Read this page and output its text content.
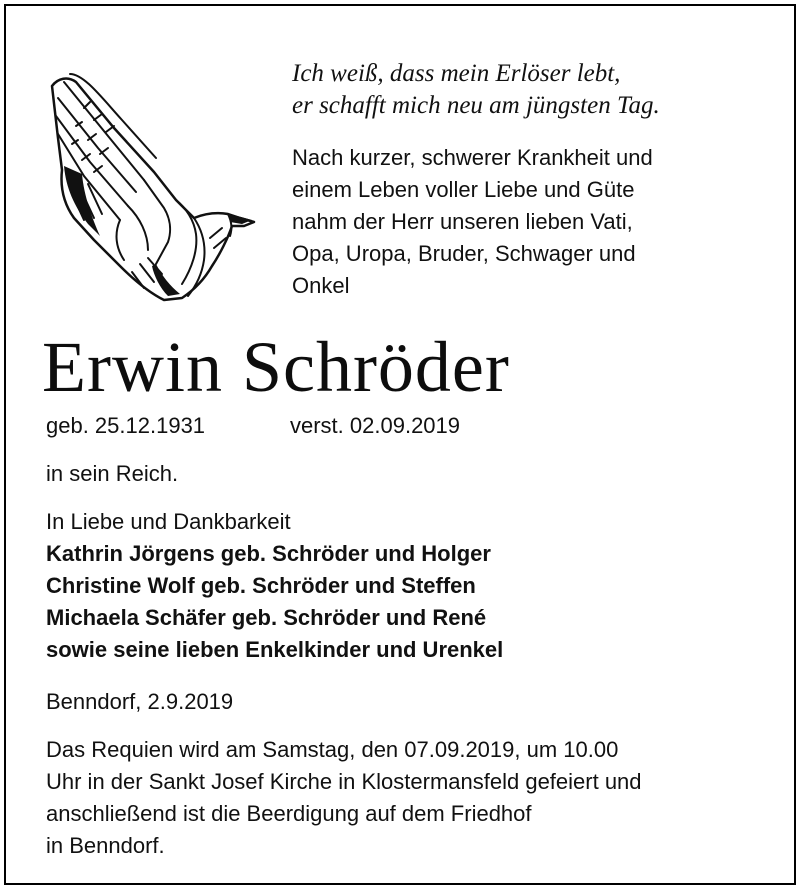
Ich weiß, dass mein Erlöser lebt,
er schafft mich neu am jüngsten Tag.
Nach kurzer, schwerer Krankheit und
einem Leben voller Liebe und Güte
nahm der Herr unseren lieben Vati,
Opa, Uropa, Bruder, Schwager und
Onkel
Erwin Schröder
geb. 25.12.1931	verst. 02.09.2019
in sein Reich.
In Liebe und Dankbarkeit
Kathrin Jörgens geb. Schröder und Holger
Christine Wolf geb. Schröder und Steffen
Michaela Schäfer geb. Schröder und René
sowie seine lieben Enkelkinder und Urenkel
Benndorf, 2.9.2019
Das Requien wird am Samstag, den 07.09.2019, um 10.00
Uhr in der Sankt Josef Kirche in Klostermansfeld gefeiert und
anschließend ist die Beerdigung auf dem Friedhof
in Benndorf.
